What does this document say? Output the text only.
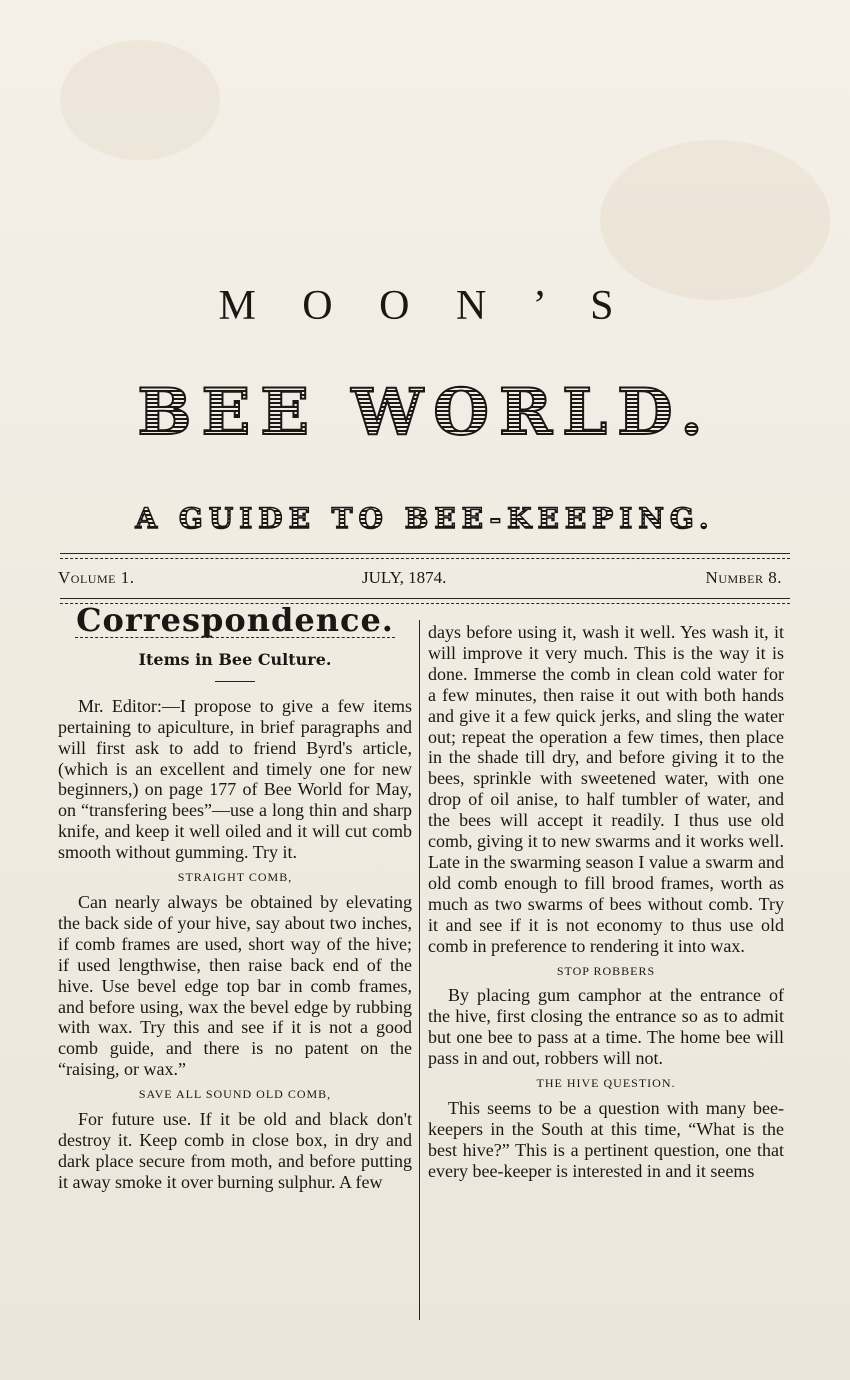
M O O N ’ S
BEE WORLD.
A GUIDE TO BEE-KEEPING.
Volume 1.	JULY, 1874.	Number 8.
Correspondence.
Items in Bee Culture.

Mr. Editor:—I propose to give a few items pertaining to apiculture, in brief paragraphs and will first ask to add to friend Byrd's article, (which is an excellent and timely one for new beginners,) on page 177 of Bee World for May, on “transfering bees”—use a long thin and sharp knife, and keep it well oiled and it will cut comb smooth without gumming. Try it.

STRAIGHT COMB,

Can nearly always be obtained by elevating the back side of your hive, say about two inches, if comb frames are used, short way of the hive; if used lengthwise, then raise back end of the hive. Use bevel edge top bar in comb frames, and before using, wax the bevel edge by rubbing with wax. Try this and see if it is not a good comb guide, and there is no patent on the “raising, or wax.”

SAVE ALL SOUND OLD COMB,

For future use. If it be old and black don't destroy it. Keep comb in close box, in dry and dark place secure from moth, and before putting it away smoke it over burning sulphur. A few

days before using it, wash it well. Yes wash it, it will improve it very much. This is the way it is done. Immerse the comb in clean cold water for a few minutes, then raise it out with both hands and give it a few quick jerks, and sling the water out; repeat the operation a few times, then place in the shade till dry, and before giving it to the bees, sprinkle with sweetened water, with one drop of oil anise, to half tumbler of water, and the bees will accept it readily. I thus use old comb, giving it to new swarms and it works well. Late in the swarming season I value a swarm and old comb enough to fill brood frames, worth as much as two swarms of bees without comb. Try it and see if it is not economy to thus use old comb in preference to rendering it into wax.

STOP ROBBERS

By placing gum camphor at the entrance of the hive, first closing the entrance so as to admit but one bee to pass at a time. The home bee will pass in and out, robbers will not.

THE HIVE QUESTION.

This seems to be a question with many bee-keepers in the South at this time, “What is the best hive?” This is a pertinent question, one that every bee-keeper is interested in and it seems
